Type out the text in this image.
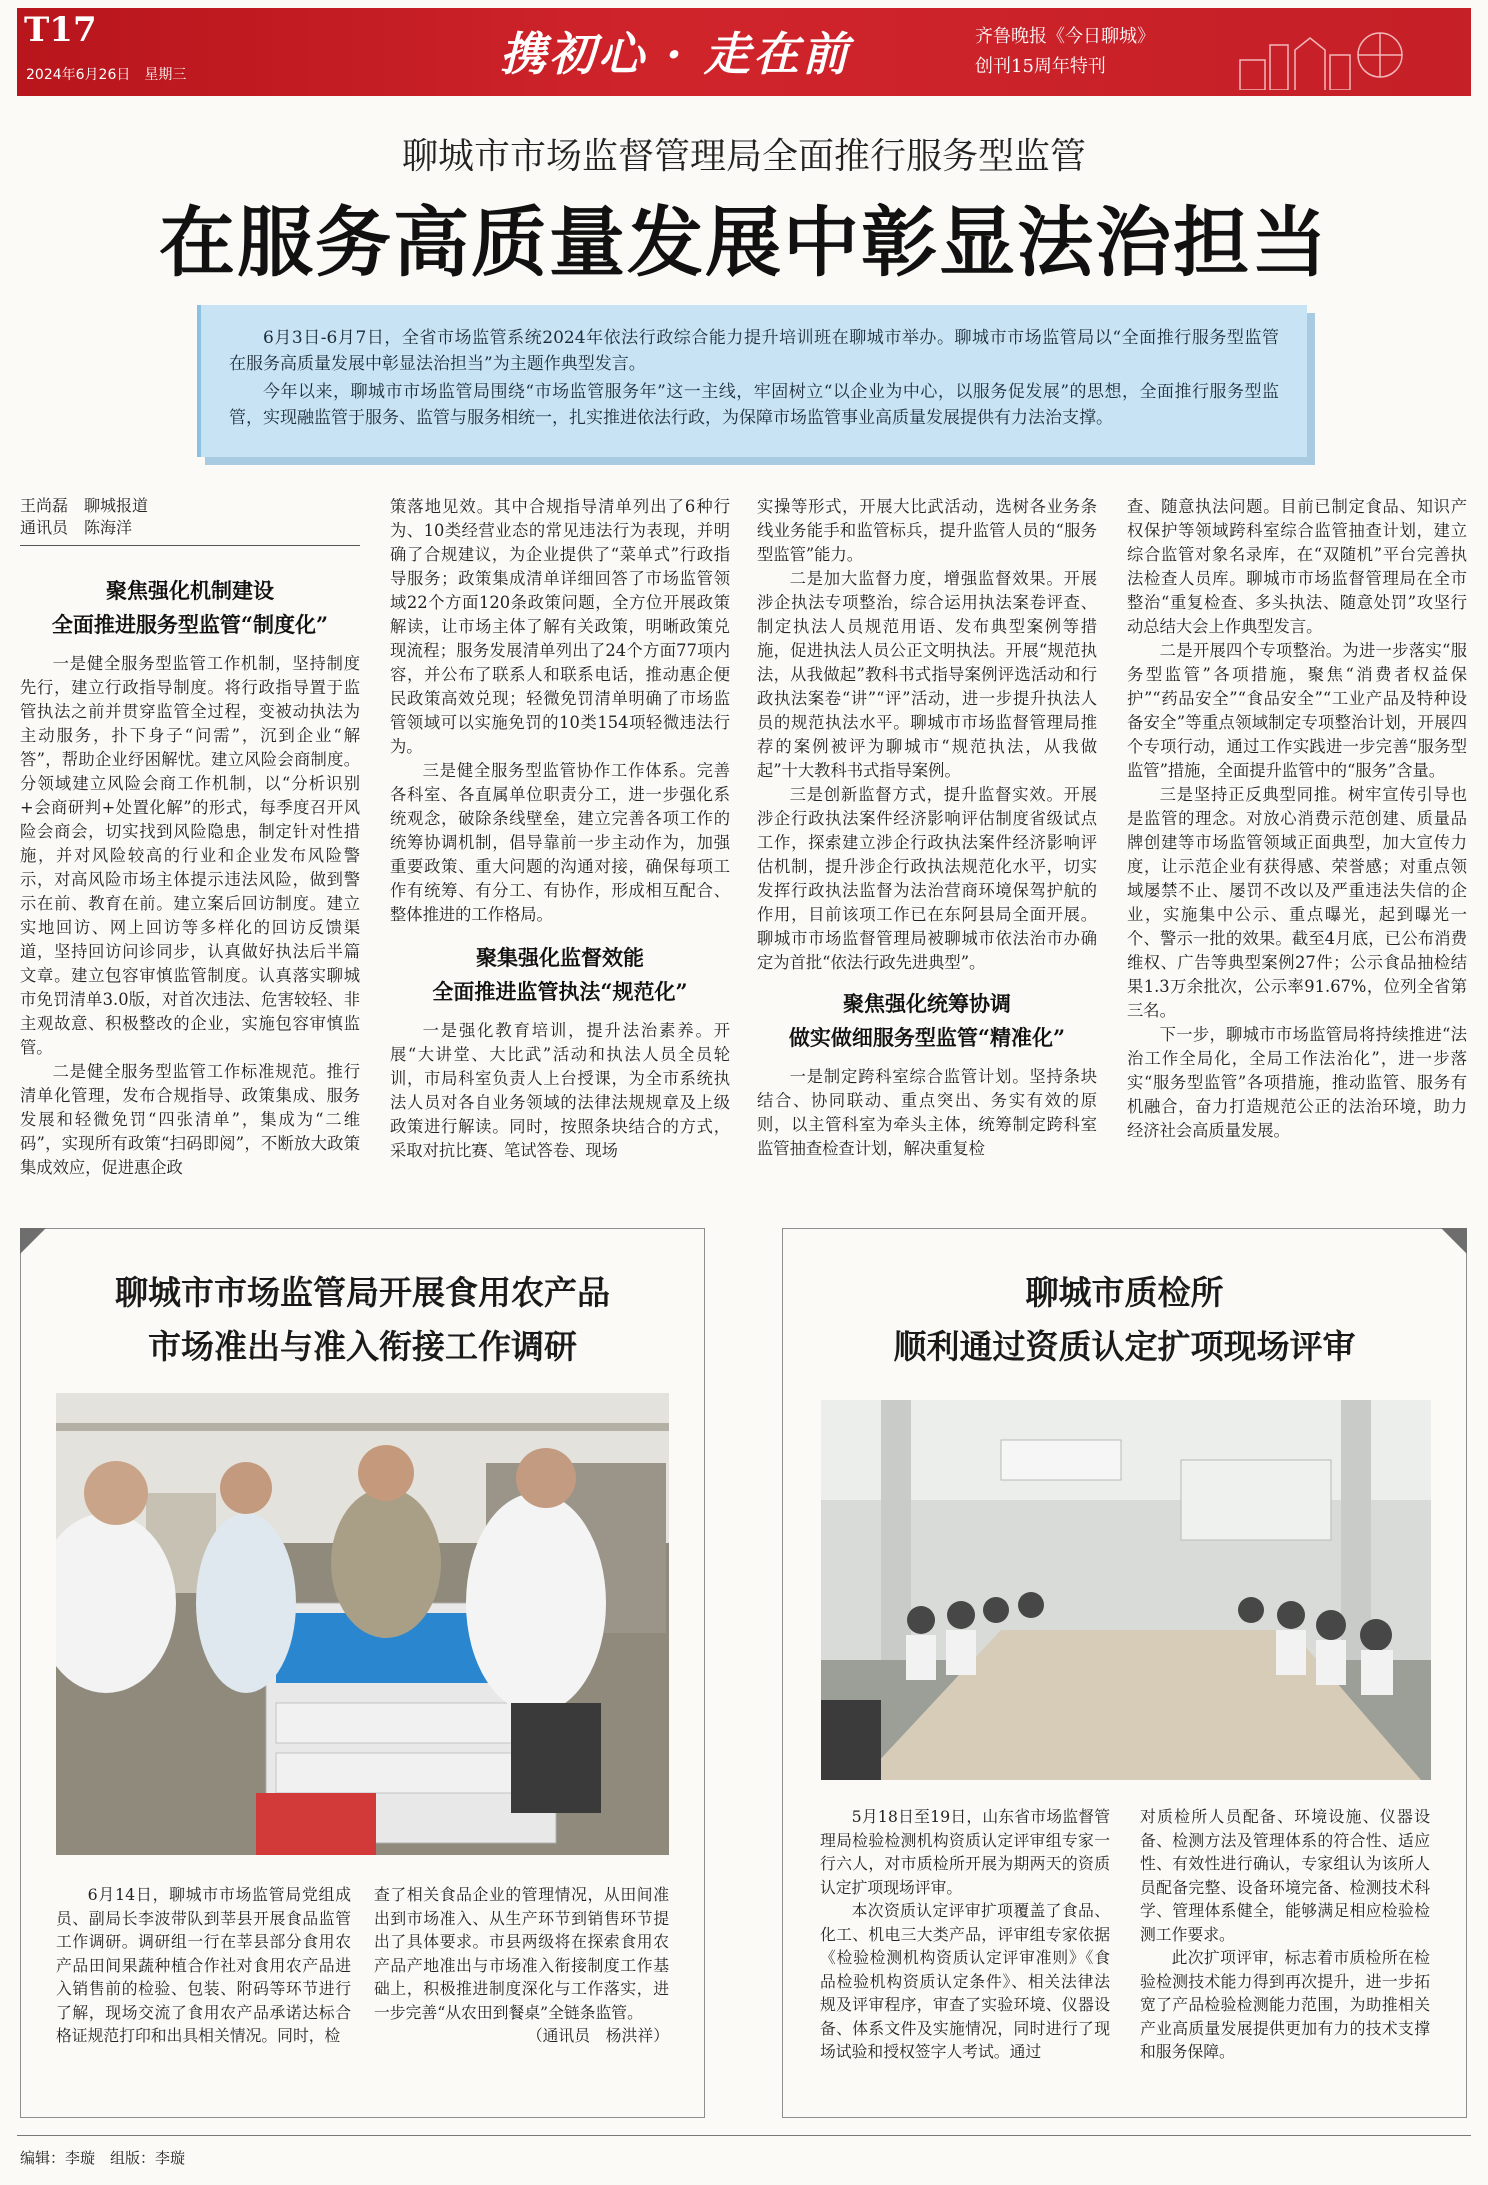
T17
2024年6月26日　星期三	携初心 · 走在前	齐鲁晚报《今日聊城》
创刊15周年特刊
聊城市市场监督管理局全面推行服务型监管
在服务高质量发展中彰显法治担当

6月3日-6月7日，全省市场监管系统2024年依法行政综合能力提升培训班在聊城市举办。聊城市市场监管局以“全面推行服务型监管　在服务高质量发展中彰显法治担当”为主题作典型发言。

今年以来，聊城市市场监管局围绕“市场监管服务年”这一主线，牢固树立“以企业为中心，以服务促发展”的思想，全面推行服务型监管，实现融监管于服务、监管与服务相统一，扎实推进依法行政，为保障市场监管事业高质量发展提供有力法治支撑。

王尚磊　聊城报道
通讯员　陈海洋
聚焦强化机制建设
全面推进服务型监管“制度化”

一是健全服务型监管工作机制，坚持制度先行，建立行政指导制度。将行政指导置于监管执法之前并贯穿监管全过程，变被动执法为主动服务，扑下身子“问需”，沉到企业“解答”，帮助企业纾困解忧。建立风险会商制度。分领域建立风险会商工作机制，以“分析识别+会商研判+处置化解”的形式，每季度召开风险会商会，切实找到风险隐患，制定针对性措施，并对风险较高的行业和企业发布风险警示，对高风险市场主体提示违法风险，做到警示在前、教育在前。建立案后回访制度。建立实地回访、网上回访等多样化的回访反馈渠道，坚持回访问诊同步，认真做好执法后半篇文章。建立包容审慎监管制度。认真落实聊城市免罚清单3.0版，对首次违法、危害较轻、非主观故意、积极整改的企业，实施包容审慎监管。

二是健全服务型监管工作标准规范。推行清单化管理，发布合规指导、政策集成、服务发展和轻微免罚“四张清单”，集成为“二维码”，实现所有政策“扫码即阅”，不断放大政策集成效应，促进惠企政

策落地见效。其中合规指导清单列出了6种行为、10类经营业态的常见违法行为表现，并明确了合规建议，为企业提供了“菜单式”行政指导服务；政策集成清单详细回答了市场监管领域22个方面120条政策问题，全方位开展政策解读，让市场主体了解有关政策，明晰政策兑现流程；服务发展清单列出了24个方面77项内容，并公布了联系人和联系电话，推动惠企便民政策高效兑现；轻微免罚清单明确了市场监管领域可以实施免罚的10类154项轻微违法行为。

三是健全服务型监管协作工作体系。完善各科室、各直属单位职责分工，进一步强化系统观念，破除条线壁垒，建立完善各项工作的统筹协调机制，倡导靠前一步主动作为，加强重要政策、重大问题的沟通对接，确保每项工作有统筹、有分工、有协作，形成相互配合、整体推进的工作格局。

聚集强化监督效能
全面推进监管执法“规范化”

一是强化教育培训，提升法治素养。开展“大讲堂、大比武”活动和执法人员全员轮训，市局科室负责人上台授课，为全市系统执法人员对各自业务领域的法律法规规章及上级政策进行解读。同时，按照条块结合的方式，采取对抗比赛、笔试答卷、现场

实操等形式，开展大比武活动，选树各业务条线业务能手和监管标兵，提升监管人员的“服务型监管”能力。

二是加大监督力度，增强监督效果。开展涉企执法专项整治，综合运用执法案卷评查、制定执法人员规范用语、发布典型案例等措施，促进执法人员公正文明执法。开展“规范执法，从我做起”教科书式指导案例评选活动和行政执法案卷“讲”“评”活动，进一步提升执法人员的规范执法水平。聊城市市场监督管理局推荐的案例被评为聊城市“规范执法，从我做起”十大教科书式指导案例。

三是创新监督方式，提升监督实效。开展涉企行政执法案件经济影响评估制度省级试点工作，探索建立涉企行政执法案件经济影响评估机制，提升涉企行政执法规范化水平，切实发挥行政执法监督为法治营商环境保驾护航的作用，目前该项工作已在东阿县局全面开展。聊城市市场监督管理局被聊城市依法治市办确定为首批“依法行政先进典型”。

聚焦强化统筹协调
做实做细服务型监管“精准化”

一是制定跨科室综合监管计划。坚持条块结合、协同联动、重点突出、务实有效的原则，以主管科室为牵头主体，统筹制定跨科室监管抽查检查计划，解决重复检

查、随意执法问题。目前已制定食品、知识产权保护等领域跨科室综合监管抽查计划，建立综合监管对象名录库，在“双随机”平台完善执法检查人员库。聊城市市场监督管理局在全市整治“重复检查、多头执法、随意处罚”攻坚行动总结大会上作典型发言。

二是开展四个专项整治。为进一步落实“服务型监管”各项措施，聚焦“消费者权益保护”“药品安全”“食品安全”“工业产品及特种设备安全”等重点领域制定专项整治计划，开展四个专项行动，通过工作实践进一步完善“服务型监管”措施，全面提升监管中的“服务”含量。

三是坚持正反典型同推。树牢宣传引导也是监管的理念。对放心消费示范创建、质量品牌创建等市场监管领域正面典型，加大宣传力度，让示范企业有获得感、荣誉感；对重点领域屡禁不止、屡罚不改以及严重违法失信的企业，实施集中公示、重点曝光，起到曝光一个、警示一批的效果。截至4月底，已公布消费维权、广告等典型案例27件；公示食品抽检结果1.3万余批次，公示率91.67%，位列全省第三名。

下一步，聊城市市场监管局将持续推进“法治工作全局化，全局工作法治化”，进一步落实“服务型监管”各项措施，推动监管、服务有机融合，奋力打造规范公正的法治环境，助力经济社会高质量发展。

聊城市市场监管局开展食用农产品
市场准出与准入衔接工作调研

6月14日，聊城市市场监管局党组成员、副局长李波带队到莘县开展食品监管工作调研。调研组一行在莘县部分食用农产品田间果蔬种植合作社对食用农产品进入销售前的检验、包装、附码等环节进行了解，现场交流了食用农产品承诺达标合格证规范打印和出具相关情况。同时，检

查了相关食品企业的管理情况，从田间准出到市场准入、从生产环节到销售环节提出了具体要求。市县两级将在探索食用农产品产地准出与市场准入衔接制度工作基础上，积极推进制度深化与工作落实，进一步完善“从农田到餐桌”全链条监管。

（通讯员　杨洪祥）
聊城市质检所
顺利通过资质认定扩项现场评审

5月18日至19日，山东省市场监督管理局检验检测机构资质认定评审组专家一行六人，对市质检所开展为期两天的资质认定扩项现场评审。

本次资质认定评审扩项覆盖了食品、化工、机电三大类产品，评审组专家依据《检验检测机构资质认定评审准则》《食品检验机构资质认定条件》、相关法律法规及评审程序，审查了实验环境、仪器设备、体系文件及实施情况，同时进行了现场试验和授权签字人考试。通过

对质检所人员配备、环境设施、仪器设备、检测方法及管理体系的符合性、适应性、有效性进行确认，专家组认为该所人员配备完整、设备环境完备、检测技术科学、管理体系健全，能够满足相应检验检测工作要求。

此次扩项评审，标志着市质检所在检验检测技术能力得到再次提升，进一步拓宽了产品检验检测能力范围，为助推相关产业高质量发展提供更加有力的技术支撑和服务保障。

编辑：李璇　组版：李璇
